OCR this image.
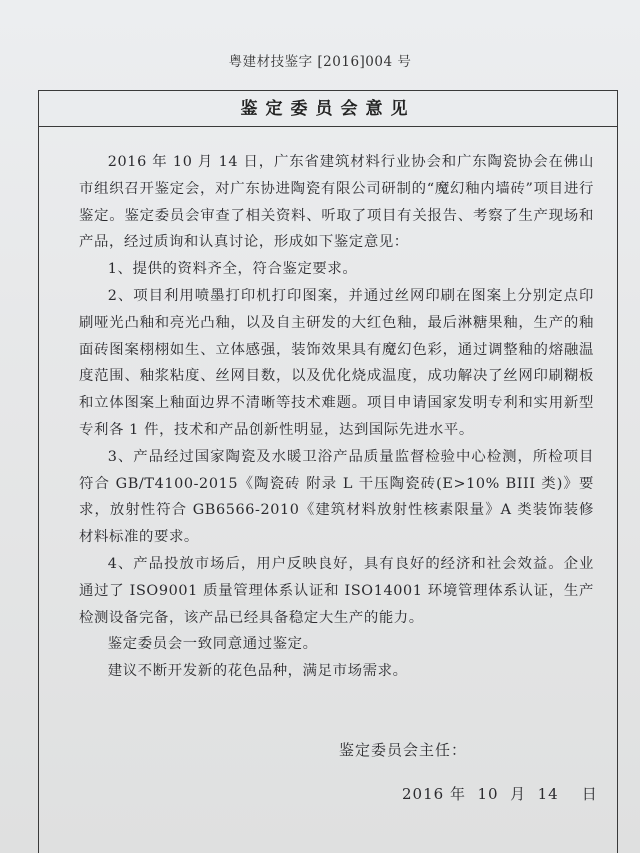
粤建材技鉴字 [2016]004 号
鉴定委员会意见

2016 年 10 月 14 日，广东省建筑材料行业协会和广东陶瓷协会在佛山市组织召开鉴定会，对广东协进陶瓷有限公司研制的“魔幻釉内墙砖”项目进行鉴定。鉴定委员会审查了相关资料、听取了项目有关报告、考察了生产现场和产品，经过质询和认真讨论，形成如下鉴定意见：

1、提供的资料齐全，符合鉴定要求。

2、项目利用喷墨打印机打印图案，并通过丝网印刷在图案上分别定点印刷哑光凸釉和亮光凸釉，以及自主研发的大红色釉，最后淋糖果釉，生产的釉面砖图案栩栩如生、立体感强，装饰效果具有魔幻色彩，通过调整釉的熔融温度范围、釉浆粘度、丝网目数，以及优化烧成温度，成功解决了丝网印刷糊板和立体图案上釉面边界不清晰等技术难题。项目申请国家发明专利和实用新型专利各 1 件，技术和产品创新性明显，达到国际先进水平。

3、产品经过国家陶瓷及水暖卫浴产品质量监督检验中心检测，所检项目符合 GB/T4100-2015《陶瓷砖 附录 L 干压陶瓷砖(E>10% BIII 类)》要求，放射性符合 GB6566-2010《建筑材料放射性核素限量》A 类装饰装修材料标准的要求。

4、产品投放市场后，用户反映良好，具有良好的经济和社会效益。企业通过了 ISO9001 质量管理体系认证和 ISO14001 环境管理体系认证，生产检测设备完备，该产品已经具备稳定大生产的能力。

鉴定委员会一致同意通过鉴定。

建议不断开发新的花色品种，满足市场需求。

鉴定委员会主任：
2016 年  10  月  14    日
